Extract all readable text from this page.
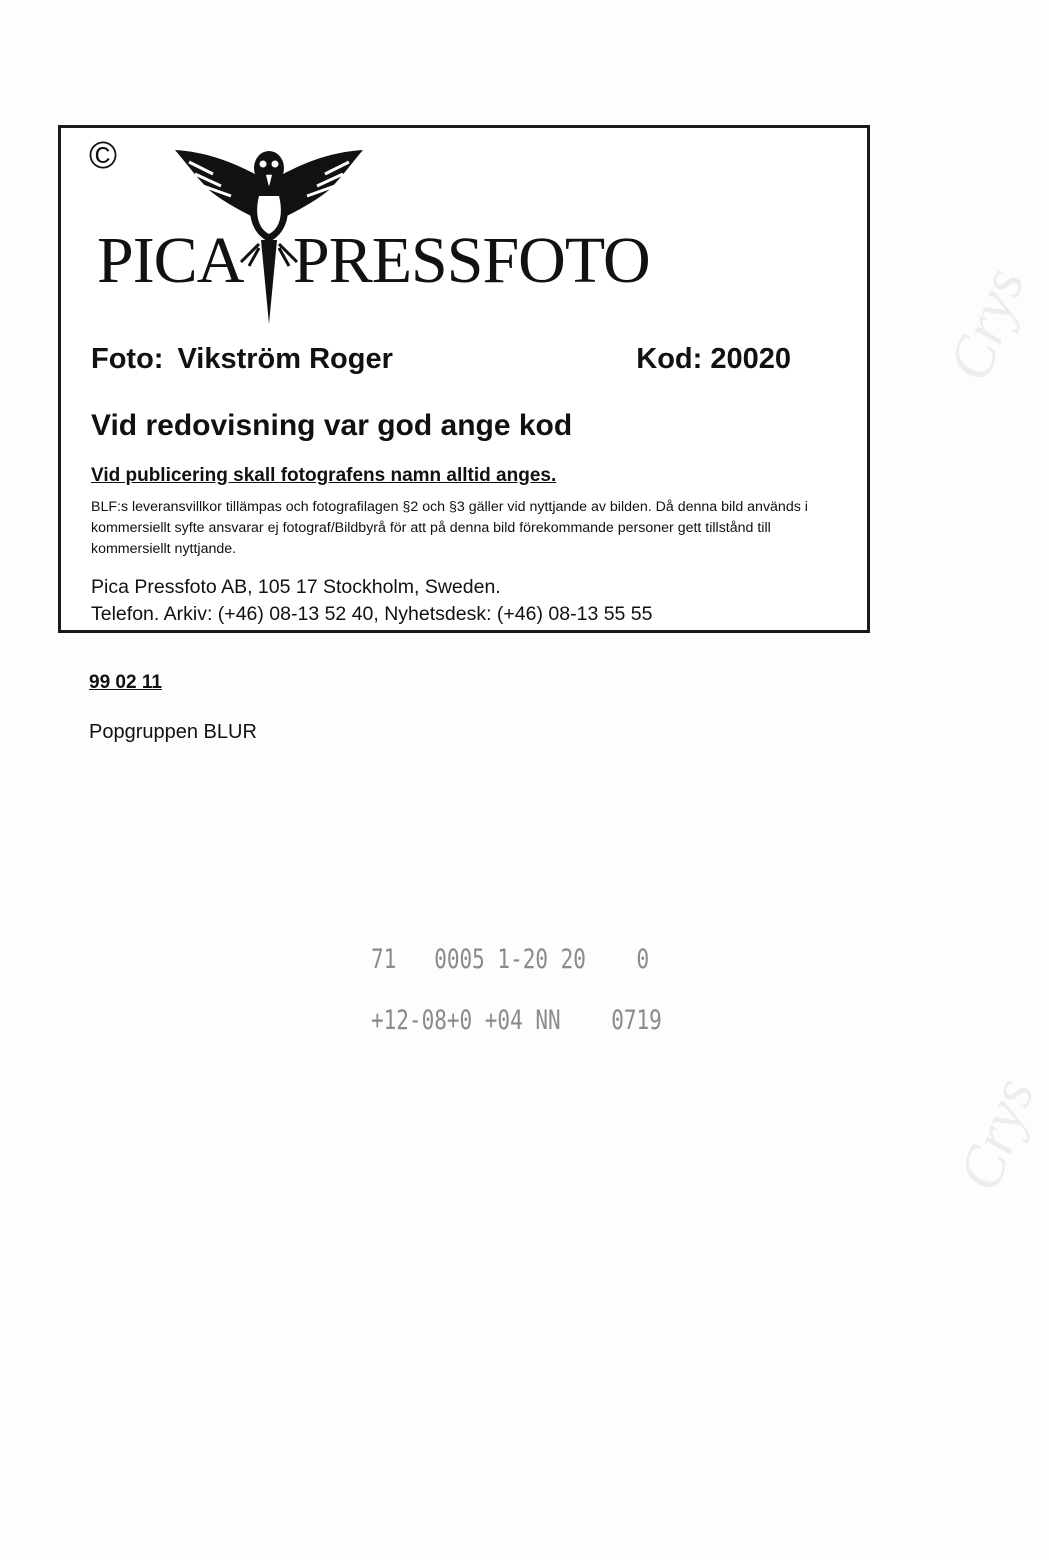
Crys
Crys
©
PICA PRESSFOTO
Foto: Vikström Roger	Kod: 20020
Vid redovisning var god ange kod
Vid publicering skall fotografens namn alltid anges.
BLF:s leveransvillkor tillämpas och fotografilagen §2 och §3 gäller vid nyttjande av bilden. Då denna bild används i kommersiellt syfte ansvarar ej fotograf/Bildbyrå för att på denna bild förekommande personer gett tillstånd till kommersiellt nyttjande.
Pica Pressfoto AB, 105 17 Stockholm, Sweden.
Telefon. Arkiv: (+46) 08-13 52 40, Nyhetsdesk: (+46) 08-13 55 55
99 02 11
Popgruppen BLUR
71   0005 1-20 20    0
+12-08+0 +04 NN    0719
